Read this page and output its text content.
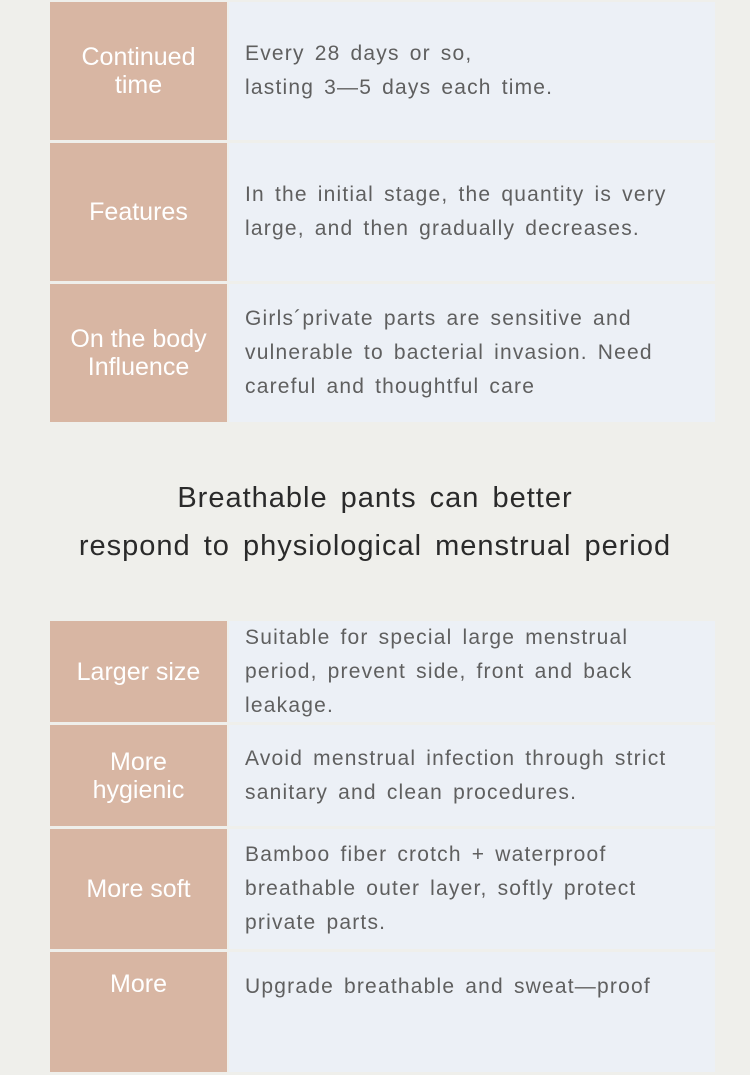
Continued
time
Every 28 days or so,
lasting 3—5 days each time.
Features
In the initial stage, the quantity is very large, and then gradually decreases.
On the body
Influence
Girls´private parts are sensitive and vulnerable to bacterial invasion. Need careful and thoughtful care
Breathable pants can better
respond to physiological menstrual period
Larger size
Suitable for special large menstrual period, prevent side, front and back leakage.
More
hygienic
Avoid menstrual infection through strict sanitary and clean procedures.
More soft
Bamboo fiber crotch + waterproof breathable outer layer, softly protect private parts.
More	Upgrade breathable and sweat—proof
